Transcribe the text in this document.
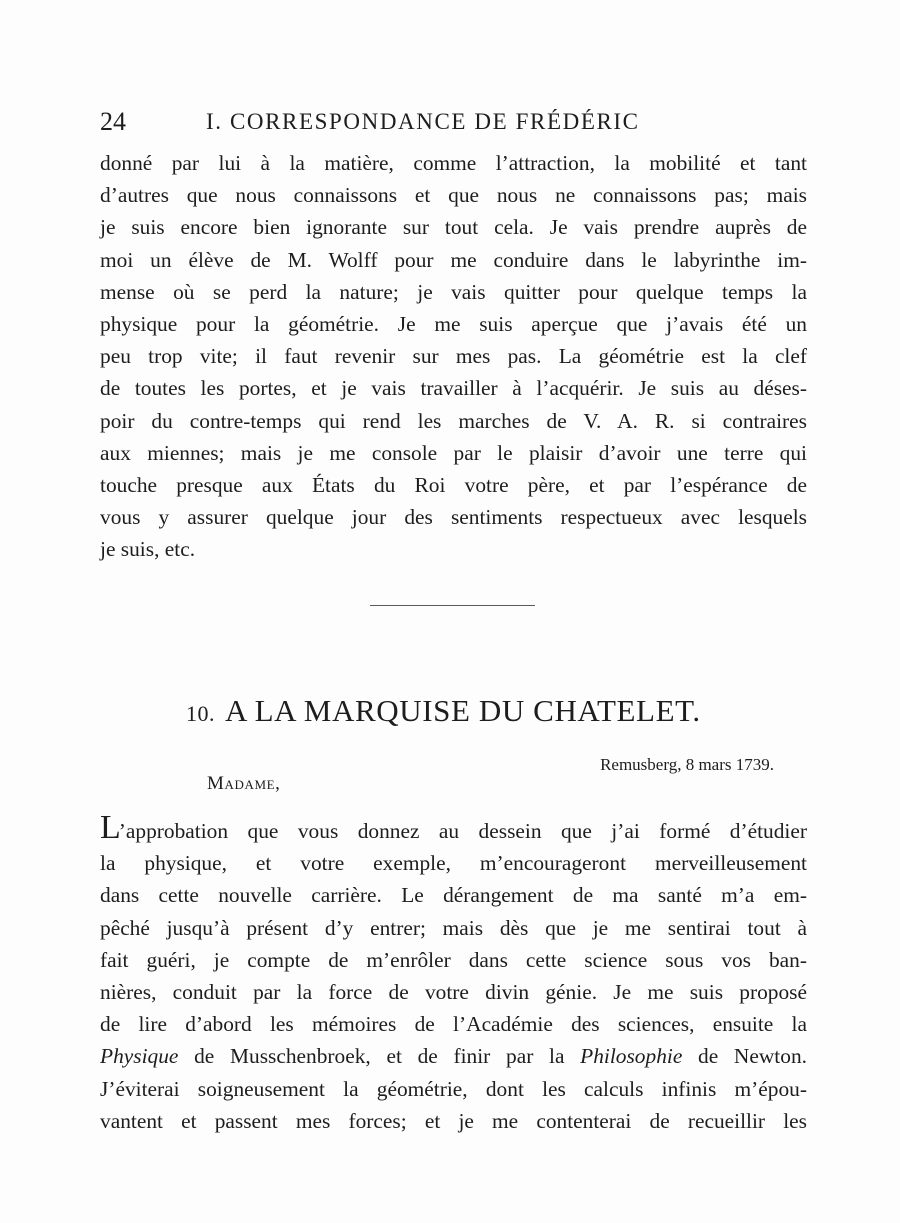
24	I. CORRESPONDANCE DE FRÉDÉRIC
donné par lui à la matière, comme l’attraction, la mobilité et tant
d’autres que nous connaissons et que nous ne connaissons pas; mais
je suis encore bien ignorante sur tout cela. Je vais prendre auprès de
moi un élève de M. Wolff pour me conduire dans le labyrinthe im-
mense où se perd la nature; je vais quitter pour quelque temps la
physique pour la géométrie. Je me suis aperçue que j’avais été un
peu trop vite; il faut revenir sur mes pas. La géométrie est la clef
de toutes les portes, et je vais travailler à l’acquérir. Je suis au déses-
poir du contre-temps qui rend les marches de V. A. R. si contraires
aux miennes; mais je me console par le plaisir d’avoir une terre qui
touche presque aux États du Roi votre père, et par l’espérance de
vous y assurer quelque jour des sentiments respectueux avec lesquels
je suis, etc.
10. A LA MARQUISE DU CHATELET.
Remusberg, 8 mars 1739.
Madame,
L’approbation que vous donnez au dessein que j’ai formé d’étudier
la physique, et votre exemple, m’encourageront merveilleusement
dans cette nouvelle carrière. Le dérangement de ma santé m’a em-
pêché jusqu’à présent d’y entrer; mais dès que je me sentirai tout à
fait guéri, je compte de m’enrôler dans cette science sous vos ban-
nières, conduit par la force de votre divin génie. Je me suis proposé
de lire d’abord les mémoires de l’Académie des sciences, ensuite la
Physique de Musschenbroek, et de finir par la Philosophie de Newton.
J’éviterai soigneusement la géométrie, dont les calculs infinis m’épou-
vantent et passent mes forces; et je me contenterai de recueillir les
